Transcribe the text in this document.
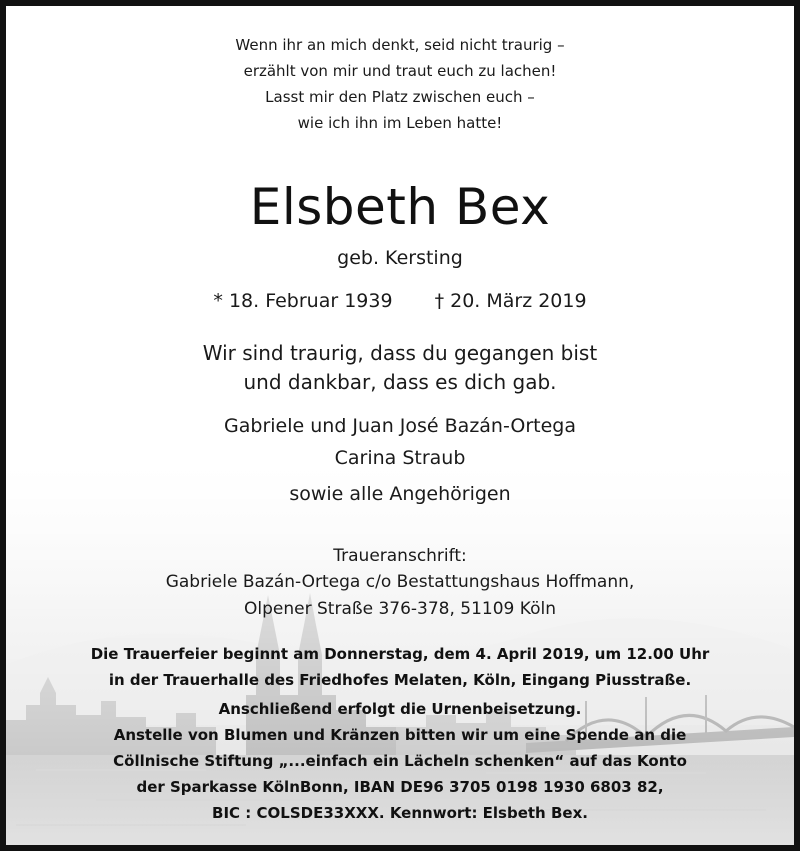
Wenn ihr an mich denkt, seid nicht traurig –
erzählt von mir und traut euch zu lachen!
Lasst mir den Platz zwischen euch –
wie ich ihn im Leben hatte!
Elsbeth Bex
geb. Kersting
* 18. Februar 1939 † 20. März 2019
Wir sind traurig, dass du gegangen bist
und dankbar, dass es dich gab.
Gabriele und Juan José Bazán-Ortega
Carina Straub
sowie alle Angehörigen
Traueranschrift:
Gabriele Bazán-Ortega c/o Bestattungshaus Hoffmann,
Olpener Straße 376-378, 51109 Köln
Die Trauerfeier beginnt am Donnerstag, dem 4. April 2019, um 12.00 Uhr
in der Trauerhalle des Friedhofes Melaten, Köln, Eingang Piusstraße.
Anschließend erfolgt die Urnenbeisetzung.
Anstelle von Blumen und Kränzen bitten wir um eine Spende an die
Cöllnische Stiftung „...einfach ein Lächeln schenken“ auf das Konto
der Sparkasse KölnBonn, IBAN DE96 3705 0198 1930 6803 82,
BIC : COLSDE33XXX. Kennwort: Elsbeth Bex.
